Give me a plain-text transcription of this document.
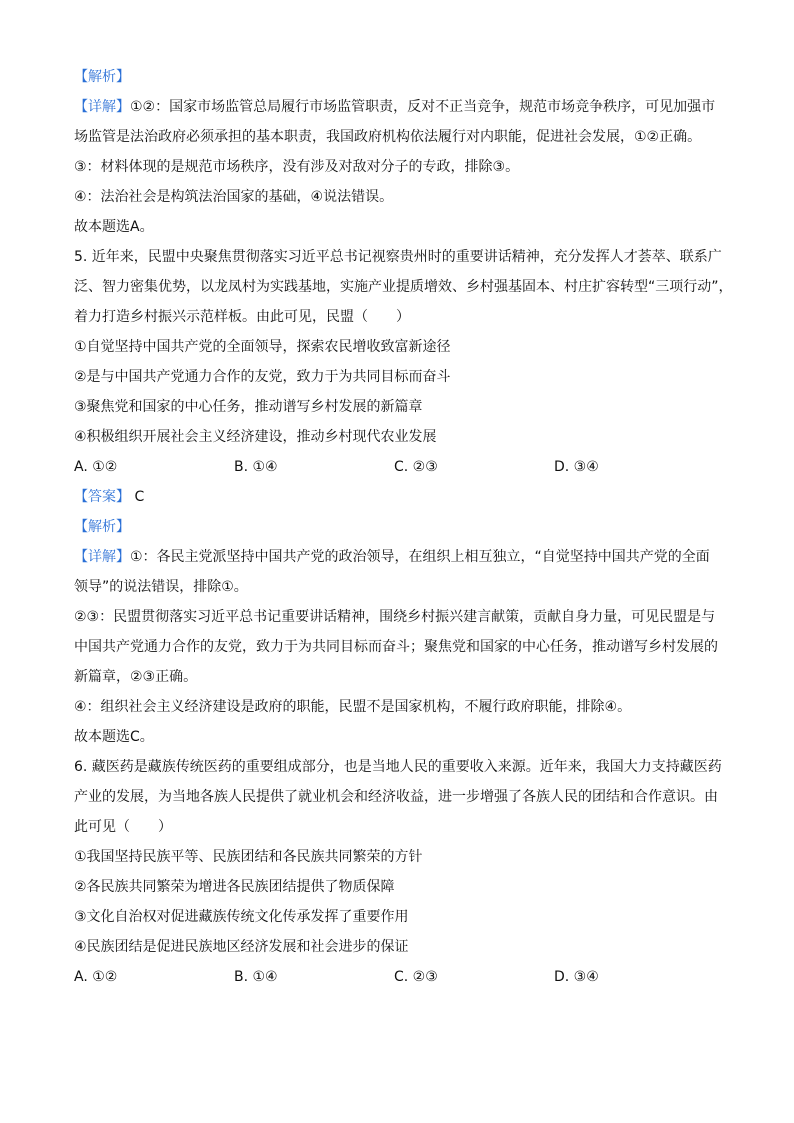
【解析】
【详解】①②：国家市场监管总局履行市场监管职责，反对不正当竞争，规范市场竞争秩序，可见加强市
场监管是法治政府必须承担的基本职责，我国政府机构依法履行对内职能，促进社会发展，①②正确。
③：材料体现的是规范市场秩序，没有涉及对敌对分子的专政，排除③。
④：法治社会是构筑法治国家的基础，④说法错误。
故本题选A。
5. 近年来，民盟中央聚焦贯彻落实习近平总书记视察贵州时的重要讲话精神，充分发挥人才荟萃、联系广
泛、智力密集优势，以龙凤村为实践基地，实施产业提质增效、乡村强基固本、村庄扩容转型“三项行动”，
着力打造乡村振兴示范样板。由此可见，民盟（　　）
①自觉坚持中国共产党的全面领导，探索农民增收致富新途径
②是与中国共产党通力合作的友党，致力于为共同目标而奋斗
③聚焦党和国家的中心任务，推动谱写乡村发展的新篇章
④积极组织开展社会主义经济建设，推动乡村现代农业发展
A. ①②	B. ①④	C. ②③	D. ③④
【答案】 C
【解析】
【详解】①：各民主党派坚持中国共产党的政治领导，在组织上相互独立，“自觉坚持中国共产党的全面
领导”的说法错误，排除①。
②③：民盟贯彻落实习近平总书记重要讲话精神，围绕乡村振兴建言献策，贡献自身力量，可见民盟是与
中国共产党通力合作的友党，致力于为共同目标而奋斗；聚焦党和国家的中心任务，推动谱写乡村发展的
新篇章，②③正确。
④：组织社会主义经济建设是政府的职能，民盟不是国家机构，不履行政府职能，排除④。
故本题选C。
6. 藏医药是藏族传统医药的重要组成部分，也是当地人民的重要收入来源。近年来，我国大力支持藏医药
产业的发展，为当地各族人民提供了就业机会和经济收益，进一步增强了各族人民的团结和合作意识。由
此可见（　　）
①我国坚持民族平等、民族团结和各民族共同繁荣的方针
②各民族共同繁荣为增进各民族团结提供了物质保障
③文化自治权对促进藏族传统文化传承发挥了重要作用
④民族团结是促进民族地区经济发展和社会进步的保证
A. ①②	B. ①④	C. ②③	D. ③④
